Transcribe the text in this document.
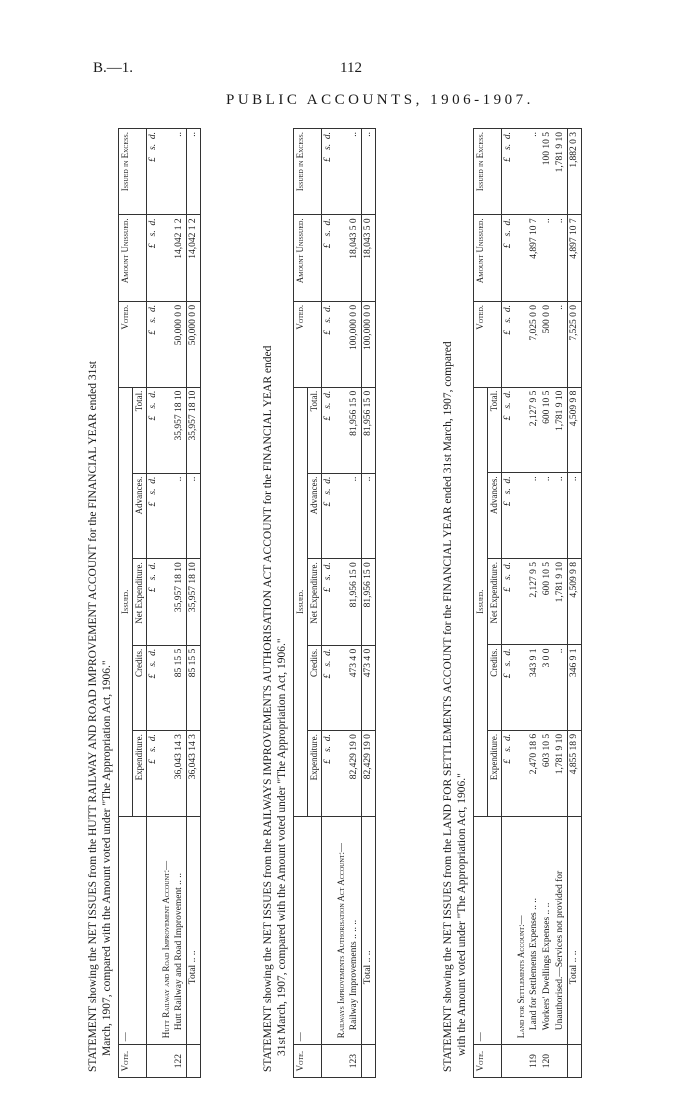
B.—1.	112
PUBLIC ACCOUNTS, 1906-1907.
STATEMENT showing the NET ISSUES from the HUTT RAILWAY AND ROAD IMPROVEMENT ACCOUNT for the FINANCIAL YEAR ended 31st March, 1907, compared with the Amount voted under "The Appropriation Act, 1906."
Vote.	—	Issued.					Voted.	Amount Unissued.	Issued in Excess.
		Expenditure.	Credits.	Net Expenditure.	Advances.	Total.			
		£   s.  d.	£   s.  d.	£   s.  d.	£   s.  d.	£   s.  d.	£   s.  d.	£   s.  d.	£   s.  d.
	Hutt Railway and Road Improvement Account:—								
122	Hutt Railway and Road Improvement .. ..	36,043 14 3	85 15 5	35,957 18 10	..	35,957 18 10	50,000 0 0	14,042 1 2	..
	Total .. ..	36,043 14 3	85 15 5	35,957 18 10	..	35,957 18 10	50,000 0 0	14,042 1 2	..
STATEMENT showing the NET ISSUES from the RAILWAYS IMPROVEMENTS AUTHORISATION ACT ACCOUNT for the FINANCIAL YEAR ended 31st March, 1907, compared with the Amount voted under "The Appropriation Act, 1906."
Vote.	—	Issued.					Voted.	Amount Unissued.	Issued in Excess.
		Expenditure.	Credits.	Net Expenditure.	Advances.	Total.			
		£   s.  d.	£   s.  d.	£   s.  d.	£   s.  d.	£   s.  d.	£   s.  d.	£   s.  d.	£   s.  d.
	Railways Improvements Authorisation Act Account:—								
123	Railway Improvements .. .. ..	82,429 19 0	473 4 0	81,956 15 0	..	81,956 15 0	100,000 0 0	18,043 5 0	..
	Total .. ..	82,429 19 0	473 4 0	81,956 15 0	..	81,956 15 0	100,000 0 0	18,043 5 0	..
STATEMENT showing the NET ISSUES from the LAND FOR SETTLEMENTS ACCOUNT for the FINANCIAL YEAR ended 31st March, 1907, compared with the Amount voted under "The Appropriation Act, 1906."
Vote.	—	Issued.					Voted.	Amount Unissued.	Issued in Excess.
		Expenditure.	Credits.	Net Expenditure.	Advances.	Total.			
		£   s.  d.	£   s.  d.	£   s.  d.	£   s.  d.	£   s.  d.	£   s.  d.	£   s.  d.	£   s.  d.
	Land for Settlements Account:—								
119	Land for Settlements Expenses .. ..	2,470 18 6	343 9 1	2,127 9 5	..	2,127 9 5	7,025 0 0	4,897 10 7	..
120	Workers' Dwellings Expenses .. ..	603 10 5	3 0 0	600 10 5	..	600 10 5	500 0 0	..	100 10 5
	Unauthorised.—Services not provided for	1,781 9 10	..	1,781 9 10	..	1,781 9 10	..	..	1,781 9 10
	Total .. ..	4,855 18 9	346 9 1	4,509 9 8	..	4,509 9 8	7,525 0 0	4,897 10 7	1,882 0 3
